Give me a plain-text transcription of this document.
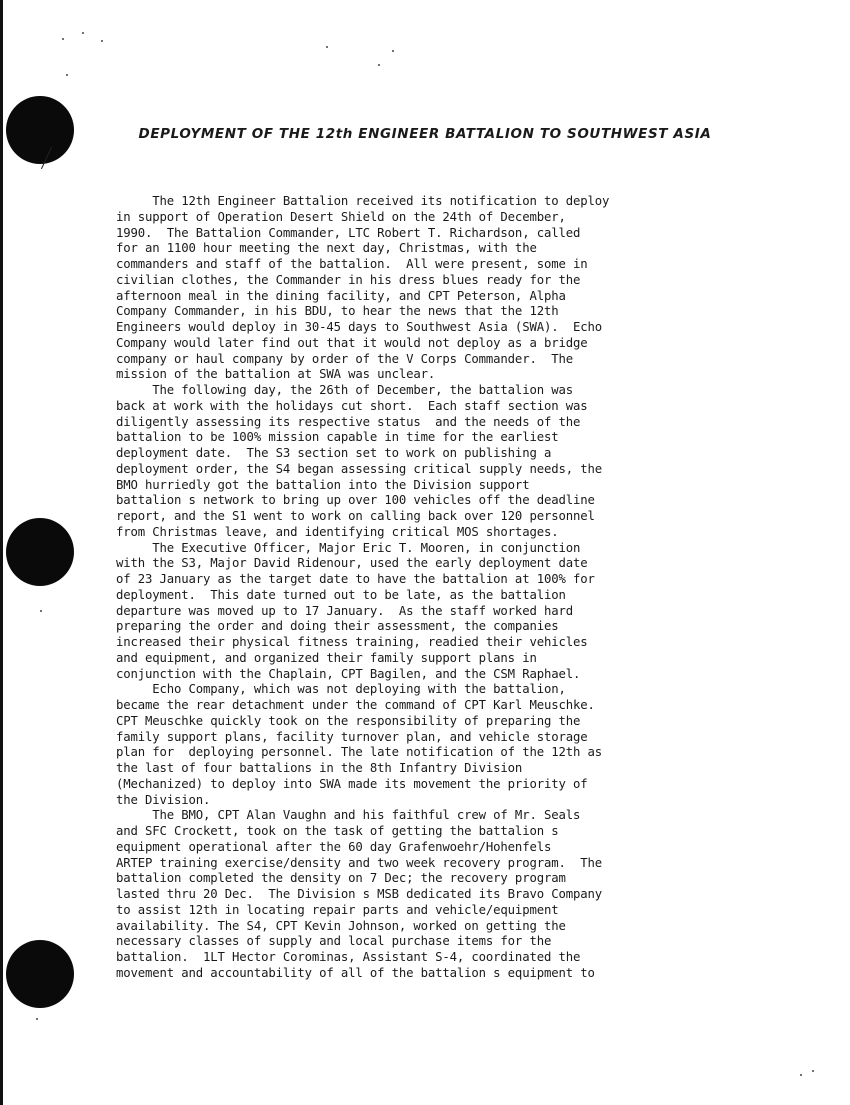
DEPLOYMENT OF THE 12th ENGINEER BATTALION TO SOUTHWEST ASIA
The 12th Engineer Battalion received its notification to deploy
in support of Operation Desert Shield on the 24th of December,
1990.  The Battalion Commander, LTC Robert T. Richardson, called
for an 1100 hour meeting the next day, Christmas, with the
commanders and staff of the battalion.  All were present, some in
civilian clothes, the Commander in his dress blues ready for the
afternoon meal in the dining facility, and CPT Peterson, Alpha
Company Commander, in his BDU, to hear the news that the 12th
Engineers would deploy in 30-45 days to Southwest Asia (SWA).  Echo
Company would later find out that it would not deploy as a bridge
company or haul company by order of the V Corps Commander.  The
mission of the battalion at SWA was unclear.
The following day, the 26th of December, the battalion was
back at work with the holidays cut short.  Each staff section was
diligently assessing its respective status  and the needs of the
battalion to be 100% mission capable in time for the earliest
deployment date.  The S3 section set to work on publishing a
deployment order, the S4 began assessing critical supply needs, the
BMO hurriedly got the battalion into the Division support
battalion s network to bring up over 100 vehicles off the deadline
report, and the S1 went to work on calling back over 120 personnel
from Christmas leave, and identifying critical MOS shortages.
The Executive Officer, Major Eric T. Mooren, in conjunction
with the S3, Major David Ridenour, used the early deployment date
of 23 January as the target date to have the battalion at 100% for
deployment.  This date turned out to be late, as the battalion
departure was moved up to 17 January.  As the staff worked hard
preparing the order and doing their assessment, the companies
increased their physical fitness training, readied their vehicles
and equipment, and organized their family support plans in
conjunction with the Chaplain, CPT Bagilen, and the CSM Raphael.
Echo Company, which was not deploying with the battalion,
became the rear detachment under the command of CPT Karl Meuschke.
CPT Meuschke quickly took on the responsibility of preparing the
family support plans, facility turnover plan, and vehicle storage
plan for  deploying personnel. The late notification of the 12th as
the last of four battalions in the 8th Infantry Division
(Mechanized) to deploy into SWA made its movement the priority of
the Division.
The BMO, CPT Alan Vaughn and his faithful crew of Mr. Seals
and SFC Crockett, took on the task of getting the battalion s
equipment operational after the 60 day Grafenwoehr/Hohenfels
ARTEP training exercise/density and two week recovery program.  The
battalion completed the density on 7 Dec; the recovery program
lasted thru 20 Dec.  The Division s MSB dedicated its Bravo Company
to assist 12th in locating repair parts and vehicle/equipment
availability. The S4, CPT Kevin Johnson, worked on getting the
necessary classes of supply and local purchase items for the
battalion.  1LT Hector Corominas, Assistant S-4, coordinated the
movement and accountability of all of the battalion s equipment to
